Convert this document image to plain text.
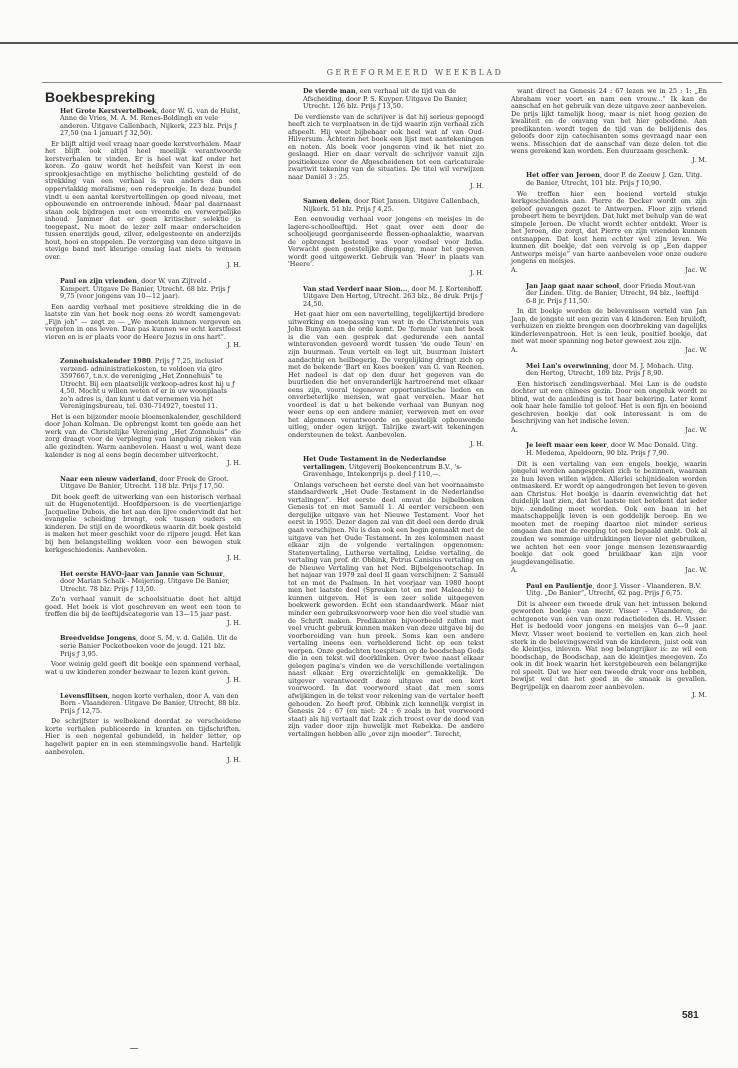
GEREFORMEERD WEEKBLAD
Boekbespreking
Het Grote Kerstvertelboek, door W. G. van de Hulst, Anne de Vries, M. A. M. Renes-Boldingh en vele anderen. Uitgave Callenbach, Nijkerk, 223 blz. Prijs ƒ 27,50 (na 1 januari ƒ 32,50).

Er blijft altijd veel vraag naar goede kerstverhalen. Maar het blijft ook altijd heel moeilijk verantwoorde kerstverhalen te vinden. Er is heel wat kaf onder het koren. Zo gauw wordt het heilsfeit van Kerst in een sprookjesachtige en mythische belichting gesteld of de strekking van een verhaal is van anders dan een oppervlakkig moralisme, een redepreekje. In deze bundel vindt u een aantal kerstvertellingen op goed niveau, met opbouwende en ontroerende inhoud. Maar pal daarnaast staan ook bijdragen met een vreemde en verwerpelijke inhoud. Jammer dat er geen kritischer selektie is toegepast. Nu moet de lezer zelf maar onderscheiden tussen enerzijds goud, zilver, edelgesteente en anderzijds hout, hooi en stoppelen. De verzorging van deze uitgave in stevige band met kleurige omslag laat niets te wensen over.

J. H.
Paul en zijn vrienden, door W. van Zijtveld - Kampert. Uitgave De Banier, Utrecht. 68 blz. Prijs ƒ 9,75 (voor jongens van 10—12 jaar).

Een aardig verhaal met positieve strekking die in de laatste zin van het boek nog eens zó wordt samengevat: „Fijn joh” — zegt ze — „We moeten kunnen vergeven en vergeten in ons leven. Dan pas kunnen we echt kerstfeest vieren en is er plaats voor de Heere Jezus in ons hart”.

J. H.
Zonnehuiskalender 1980. Prijs ƒ 7,25, inclusief verzend- administratiekosten, te voldoen via giro 3597667, t.n.v. de vereniging „Het Zonnehuis” te Utrecht. Bij een plaatselijk verkoop-adres kost hij u ƒ 4,50. Mocht u willen weten of er in uw woonplaats zo'n adres is, dan kunt u dat vernemen via het Verenigingsbureau, tel. 030-714927, toestel 11.

Het is een bijzonder mooie bloemenkalender, geschilderd door Johan Kolman. De opbrengst komt ten goede aan het werk van de Christelijke Vereniging „Het Zonnehuis” die zorg draagt voor de verpleging van langdurig zieken van alle gezindten. Warm aanbevolen. Haast u wel, want deze kalender is nog al eens begin december uitverkocht.

J. H.
Naar een nieuw vaderland, door Freek de Groot. Uitgave De Banier, Utrecht. 118 blz. Prijs ƒ 17,50.

Dit boek geeft de uitwerking van een historisch verhaal uit de Hugenotentijd. Hoofdpersoon is de veertienjarige Jacqueline Dubois, die het aan den lijve ondervindt dat het evangelie scheiding brengt, ook tussen ouders en kinderen. De stijl en de woordkeus waarin dit boek gesteld is maken het meer geschikt voor de rijpere jeugd. Het kan bij hen belangstelling wekken voor een bewogen stuk kerkgeschiedenis. Aanbevolen.

J. H.
Het eerste HAVO-jaar van Jannie van Schuur, door Marian Schalk - Meijering. Uitgave De Banier, Utrecht. 78 blz. Prijs ƒ 13,50.

Zo'n verhaal vanuit de schoolsituatie doet het altijd goed. Het boek is vlot geschreven en weet een toon te treffen die bij de leeftijdscategorie van 13—15 jaar past.

J. H.
Breedveldse Jongens, door S. M. v. d. Galiën. Uit de serie Banier Pocketboeken voor de jeugd. 121 blz. Prijs ƒ 3,95.

Voor weinig geld geeft dit boekje een spannend verhaal, wat u uw kinderen zonder bezwaar te lezen kunt geven.

J. H.
Levensflitsen, negen korte verhalen, door A. van den Born - Vlaanderen. Uitgave De Banier, Utrecht, 88 blz. Prijs ƒ 12,75.

De schrijfster is welbekend doordat ze verscheidene korte verhalen publiceerde in kranten en tijdschriften. Hier is een negental gebundeld, in helder letter, op hagelwit papier en in een stemmingsvolle band. Hartelijk aanbevolen.

J. H.
De vierde man, een verhaal uit de tijd van de Afscheiding, door P. S. Kuyper. Uitgave De Banier, Utrecht. 126 blz. Prijs ƒ 13,50.

De verdienste van de schrijver is dat hij serieus gepoogd heeft zich te verplaatsen in de tijd waarin zijn verhaal zich afspeelt. Hij weet bijbehaar ook heel wat af van Oud-Hilversum. Achterin het boek een lijst met aantekeningen en noten. Als boek voor jongeren vind ik het niet zo geslaagd. Hier en daar vervalt de schrijver vanuit zijn positiekeuze voor de Afgescheidenen tot een caricaturale zwartwit tekening van de situaties. De titel wil verwijzen naar Daniël 3 : 25.

J. H.
Samen delen, door Riet Jansen. Uitgave Callenbach, Nijkerk. 51 blz. Prijs ƒ 4,25.

Een eenvoudig verhaal voor jongens en meisjes in de lagere-schoolleeftijd. Het gaat over een door de schooljeugd georganiseerde flessen-ophaalaktie, waarvan de opbrengst bestemd was voor voedsel voor India. Verwacht geen geestelijke diepgang, maar het gegeven wordt goed uitgewerkt. Gebruik van 'Heer' in plaats van 'Heere'.

J. H.
Van stad Verderf naar Sion..., door M. J. Kortenhoff. Uitgave Den Hertog, Utrecht. 263 blz., 8e druk. Prijs ƒ 24,50.

Het gaat hier om een navertelling, tegelijkertijd bredere uitwerking en toepassing van wat in de Christenreis van John Bunyan aan de orde komt. De 'formule' van het boek is die van een gesprek dat gedurende een aantal winteravonden gevoerd wordt tussen 'de oude Teun' en zijn buurman. Teun vertelt en legt uit, buurman luistert aandachtig en heilbegerig. De vergelijking dringt zich op met de bekende 'Bart en Kees boeken' van G. van Reenen. Het nadeel is dat op den duur het gegeven van de buurlieden die het onveranderlijk hartroerend met elkaar eens zijn, vooral tegenover opportunistische lieden en onverbeterlijke mensen, wat gaat vervelen. Maar het voordeel is dat u het bekende verhaal van Bunyan nog weer eens op een andere manier, verweven met en over het algemeen verantwoorde en geestelijk opbouwende uitleg, onder ogen krijgt. Talrijke zwart-wit tekeningen ondersteunen de tekst. Aanbevolen.

J. H.
Het Oude Testament in de Nederlandse vertalingen. Uitgeverij Boekencentrum B.V., 's-Gravenhage, Intekenprijs p. deel ƒ 110,—.

Onlangs verscheen het eerste deel van het voornaamste standaardwerk „Het Oude Testament in de Nederlandse vertalingen”. Het eerste deel omvat de bijbelboeken Genesis tot en met Samuël 1. Al eerder verscheen een dergelijke uitgave van het Nieuwe Testament. Voor het eerst in 1955. Dezer dagen zal van dit deel een derde druk gaan verschijnen. Nu is dan ook een begin gemaakt met de uitgave van het Oude Testament. In zes kolommen naast elkaar zijn de volgende vertalingen opgenomen: Statenvertaling, Lutherse vertaling, Leidse vertaling, de vertaling van prof. dr. Obbink, Petrus Canisius vertaling en de Nieuwe Vertaling van het Ned. Bijbelgenootschap. In het najaar van 1979 zal deel II gaan verschijnen: 2 Samuël tot en met de Psalmen. In het voorjaar van 1980 hoopt men het laatste deel (Spreuken tot en met Maleachi) te kunnen uitgeven. Het is een zeer solide uitgegeven boekwerk geworden. Echt een standaardwerk. Maar niet minder een gebruiksvoorwerp voor hen die veel studie van de Schrift maken. Predikanten bijvoorbeeld zullen met veel vrucht gebruik kunnen maken van deze uitgave bij de voorbereiding van hun preek. Soms kan een andere vertaling ineens een verhelderend licht op een tekst werpen. Onze gedachten toespitsen op de boodschap Gods die in een tekst wil doorklinken. Over twee naast elkaar gelegen pagina's vinden we de verschillende vertalingen naast elkaar. Erg overzichtelijk en gemakkelijk. De uitgever verantwoordt deze uitgave met een kort voorwoord. In dat voorwoord staat dat men soms afwijkingen in de tekst voor rekening van de vertaler heeft gehouden. Zo heeft prof. Obbink zich kennelijk vergist in Genesis 24 : 67 (en niet: 24 : 6 zoals in het voorwoord staat) als hij vertaalt dat Izak zich troost over de dood van zijn vader door zijn huwelijk met Rebekka. De andere vertalingen hebben alle „over zijn moeder”. Terecht,

want direct na Genesis 24 : 67 lezen we in 25 : 1: „En Abraham voer voort en nam een vrouw...” Ik kan de aanschaf en het gebruik van deze uitgave zeer aanbevelen. De prijs lijkt tamelijk hoog, maar is niet hoog gezien de kwaliteit en de omvang van het hier gebodene. Aan predikanten wordt tegen de tijd van de belijdenis des geloofs door zijn catechisanten soms gevraagd naar een wens. Misschien dat de aanschaf van deze delen tot die wens gerekend kan worden. Een duurzaam geschenk.

J. M.
Het offer van Jeroen, door P. de Zeeuw J. Gzn. Uitg. de Banier, Utrecht, 101 blz. Prijs ƒ 10,90.

We treffen hier een boeiend verteld stukje kerkgeschiedenis aan. Pierre de Decker wordt om zijn geloof gevangen gezet te Antwerpen. Floor zijn vriend probeert hem te bevrijden. Dat lukt met behulp van de wat simpele Jeroen. De vlucht wordt echter ontdekt. Weer is het Jeroen, die zorgt, dat Pierre en zijn vrienden kunnen ontsnappen. Dat kost hem echter wel zijn leven. We kunnen dit boekje, dat een vervolg is op „Een dapper Antwerps meisje” van harte aanbevelen voor onze oudere jongens en meisjes.

A.	Jac. W.
Jan Jaap gaat naar school, door Frieda Mout-van der Linden. Uitg. de Banier, Utrecht, 94 blz., leeftijd 6-8 jr. Prijs ƒ 11,50.

In dit boekje worden de belevenissen verteld van Jan Jaap, de jongste uit een gezin van 4 kinderen. Een bruiloft, verhuizen en ziekte brengen een doorbreking van dagelijks kinderlevenpatroon. Het is een leuk, positief boekje, dat met wat meer spanning nog beter geweest zou zijn.

A.	Jac. W.
Mei Lan's overwinning, door M. J. Mobach. Uitg. den Hertog, Utrecht, 109 blz. Prijs ƒ 8,90.

Een historisch zendingsverhaal. Mei Lan is de oudste dochter uit een chinees gezin. Door een ongeluk wordt ze blind, wat de aanleiding is tot haar bekering. Later komt ook haar hele familie tot geloof. Het is een fijn en boeiend geschreven boekje dat ook interessant is om de beschrijving van het indische leven.

A.	Jac. W.
Je leeft maar een keer, door W. Mac Donald. Uitg. H. Medema, Apeldoorn, 90 blz. Prijs ƒ 7,90.

Dit is een vertaling van een engels boekje, waarin jongelui worden aangesproken zich te bezinnen, waaraan ze hun leven willen wijden. Allerlei schijnidealen worden ontmaskerd. Er wordt op aangedrongen het leven te geven aan Christus. Het boekje is daarin evenwichtig dat het duidelijk laat zien, dat het laatste niet betekent dat ieder bijv. zendeling moet worden. Ook een baan in het maatschappelijk leven is een goddelijk beroep. En we moeten met de roeping daartoe niet minder serieus omgaan dan met de roeping tot een bepaald ambt. Ook al zouden we sommige uitdrukkingen liever niet gebruiken, we achten het een voor jonge mensen lezenswaardig boekje dat ook goed bruikbaar kan zijn voor jeugdevangelisatie.

A.	Jac. W.
Paul en Paulientje, door J. Visser - Vlaanderen. B.V. Uitg. „De Banier”, Utrecht, 62 pag. Prijs ƒ 6,75.

Dit is alweer een tweede druk van het intussen bekend geworden boekje van mevr. Visser - Vlaanderen, de echtgenote van één van onze redactieleden ds. H. Visser. Het is bedoeld voor jongens en meisjes van 6—9 jaar. Mevr. Visser weet boeiend te vertellen en kan zich heel sterk in de belevingswereld van de kinderen, juist ook van de kleintjes, inleven. Wat nog belangrijker is: ze wil een boodschap, de Boodschap, aan de kleintjes meegeven. Zo ook in dit boek waarin het kerstgebeuren een belangrijke rol speelt. Dat we hier een tweede druk voor ons hebben, bewijst wel dat het goed in de smaak is gevallen. Begrijpelijk en daarom zeer aanbevolen.

J. M.
581
